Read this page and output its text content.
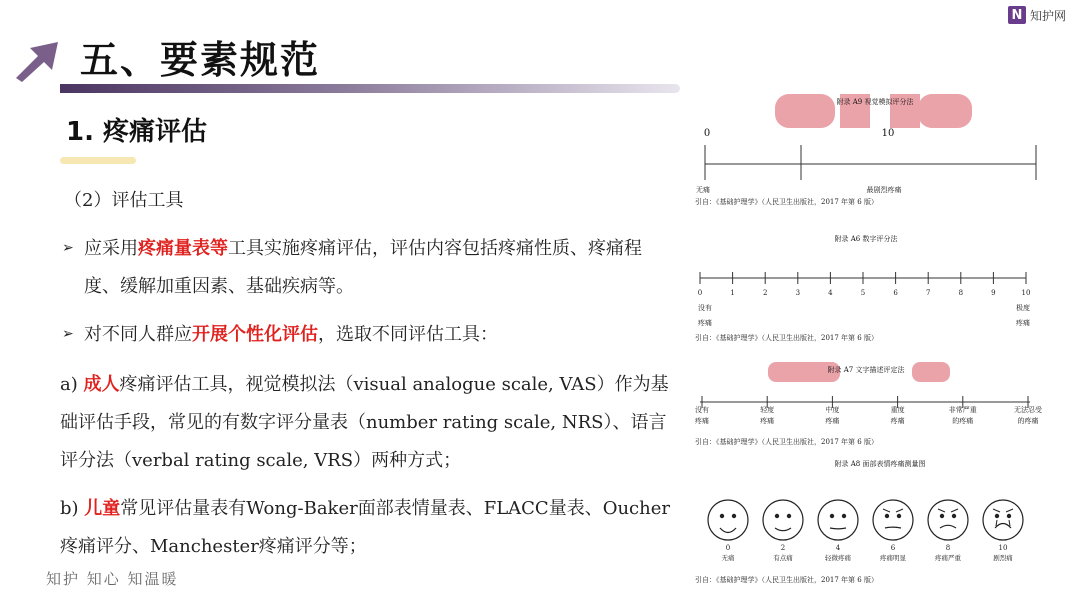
五、要素规范
N 知护网
1. 疼痛评估
（2）评估工具
➢ 应采用疼痛量表等工具实施疼痛评估，评估内容包括疼痛性质、疼痛程度、缓解加重因素、基础疾病等。
➢ 对不同人群应开展个性化评估，选取不同评估工具：
a) 成人疼痛评估工具，视觉模拟法（visual analogue scale, VAS）作为基础评估手段，常见的有数字评分量表（number rating scale, NRS）、语言评分法（verbal rating scale, VRS）两种方式；
b) 儿童常见评估量表有Wong-Baker面部表情量表、FLACC量表、Oucher疼痛评分、Manchester疼痛评分等；
知护 知心 知温暖
附录 A9 视觉模拟评分法
0	10
无痛	最剧烈疼痛
引自：《基础护理学》（人民卫生出版社，2017 年第 6 版）
附录 A6 数字评分法
0	1	2	3	4	5	6	7	8	9	10
没有
疼痛
极度
疼痛
引自：《基础护理学》（人民卫生出版社，2017 年第 6 版）
附录 A7 文字描述评定法
没有
疼痛
轻度
疼痛
中度
疼痛
重度
疼痛
非常严重
的疼痛
无法忍受
的疼痛
引自：《基础护理学》（人民卫生出版社，2017 年第 6 版）
附录 A8 面部表情疼痛测量图
0
无痛
2
有点痛
4
轻微疼痛
6
疼痛明显
8
疼痛严重
10
剧烈痛
引自：《基础护理学》（人民卫生出版社，2017 年第 6 版）
